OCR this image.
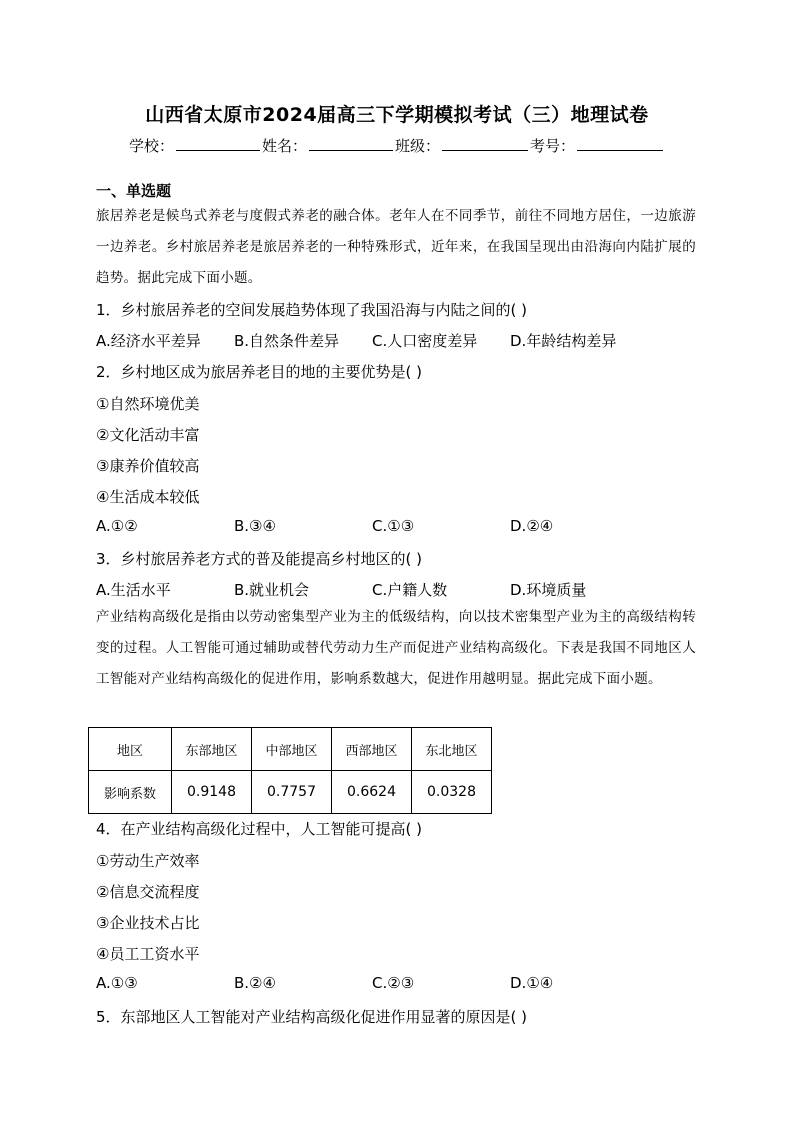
山西省太原市2024届高三下学期模拟考试（三）地理试卷
学校：	姓名：	班级：	考号：
一、单选题
旅居养老是候鸟式养老与度假式养老的融合体。老年人在不同季节，前往不同地方居住，一边旅游一边养老。乡村旅居养老是旅居养老的一种特殊形式，近年来，在我国呈现出由沿海向内陆扩展的趋势。据此完成下面小题。
1．乡村旅居养老的空间发展趋势体现了我国沿海与内陆之间的( )
A.经济水平差异 B.自然条件差异 C.人口密度差异 D.年龄结构差异
2．乡村地区成为旅居养老目的地的主要优势是( )
①自然环境优美
②文化活动丰富
③康养价值较高
④生活成本较低
A.①②	B.③④	C.①③	D.②④
3．乡村旅居养老方式的普及能提高乡村地区的( )
A.生活水平	B.就业机会	C.户籍人数	D.环境质量
产业结构高级化是指由以劳动密集型产业为主的低级结构，向以技术密集型产业为主的高级结构转变的过程。人工智能可通过辅助或替代劳动力生产而促进产业结构高级化。下表是我国不同地区人工智能对产业结构高级化的促进作用，影响系数越大，促进作用越明显。据此完成下面小题。
地区	东部地区	中部地区	西部地区	东北地区
影响系数	0.9148	0.7757	0.6624	0.0328
4．在产业结构高级化过程中，人工智能可提高( )
①劳动生产效率
②信息交流程度
③企业技术占比
④员工工资水平
A.①③	B.②④	C.②③	D.①④
5．东部地区人工智能对产业结构高级化促进作用显著的原因是( )
